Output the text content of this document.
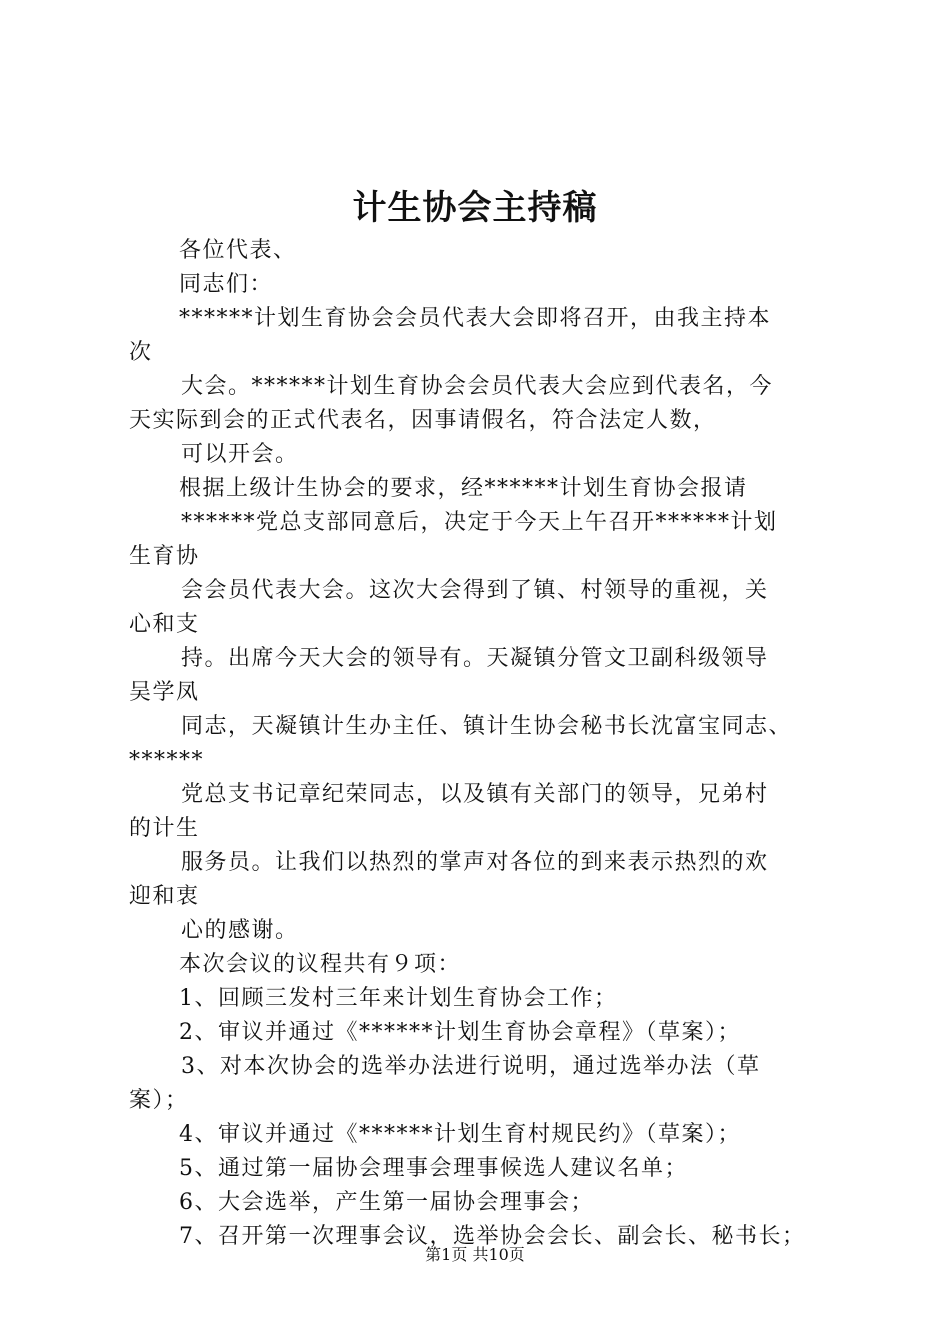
计生协会主持稿

各位代表、

同志们：

******计划生育协会会员代表大会即将召开，由我主持本

次

大会。******计划生育协会会员代表大会应到代表名，今

天实际到会的正式代表名，因事请假名，符合法定人数，

可以开会。

根据上级计生协会的要求，经******计划生育协会报请

******党总支部同意后，决定于今天上午召开******计划

生育协

会会员代表大会。这次大会得到了镇、村领导的重视，关

心和支

持。出席今天大会的领导有。天凝镇分管文卫副科级领导

吴学凤

同志，天凝镇计生办主任、镇计生协会秘书长沈富宝同志、

******

党总支书记章纪荣同志，以及镇有关部门的领导，兄弟村

的计生

服务员。让我们以热烈的掌声对各位的到来表示热烈的欢

迎和衷

心的感谢。

本次会议的议程共有９项：

1、回顾三发村三年来计划生育协会工作；

2、审议并通过《******计划生育协会章程》（草案）；

3、对本次协会的选举办法进行说明，通过选举办法（草

案）；

4、审议并通过《******计划生育村规民约》（草案）；

5、通过第一届协会理事会理事候选人建议名单；

6、大会选举，产生第一届协会理事会；

7、召开第一次理事会议，选举协会会长、副会长、秘书长；

第1页 共10页
